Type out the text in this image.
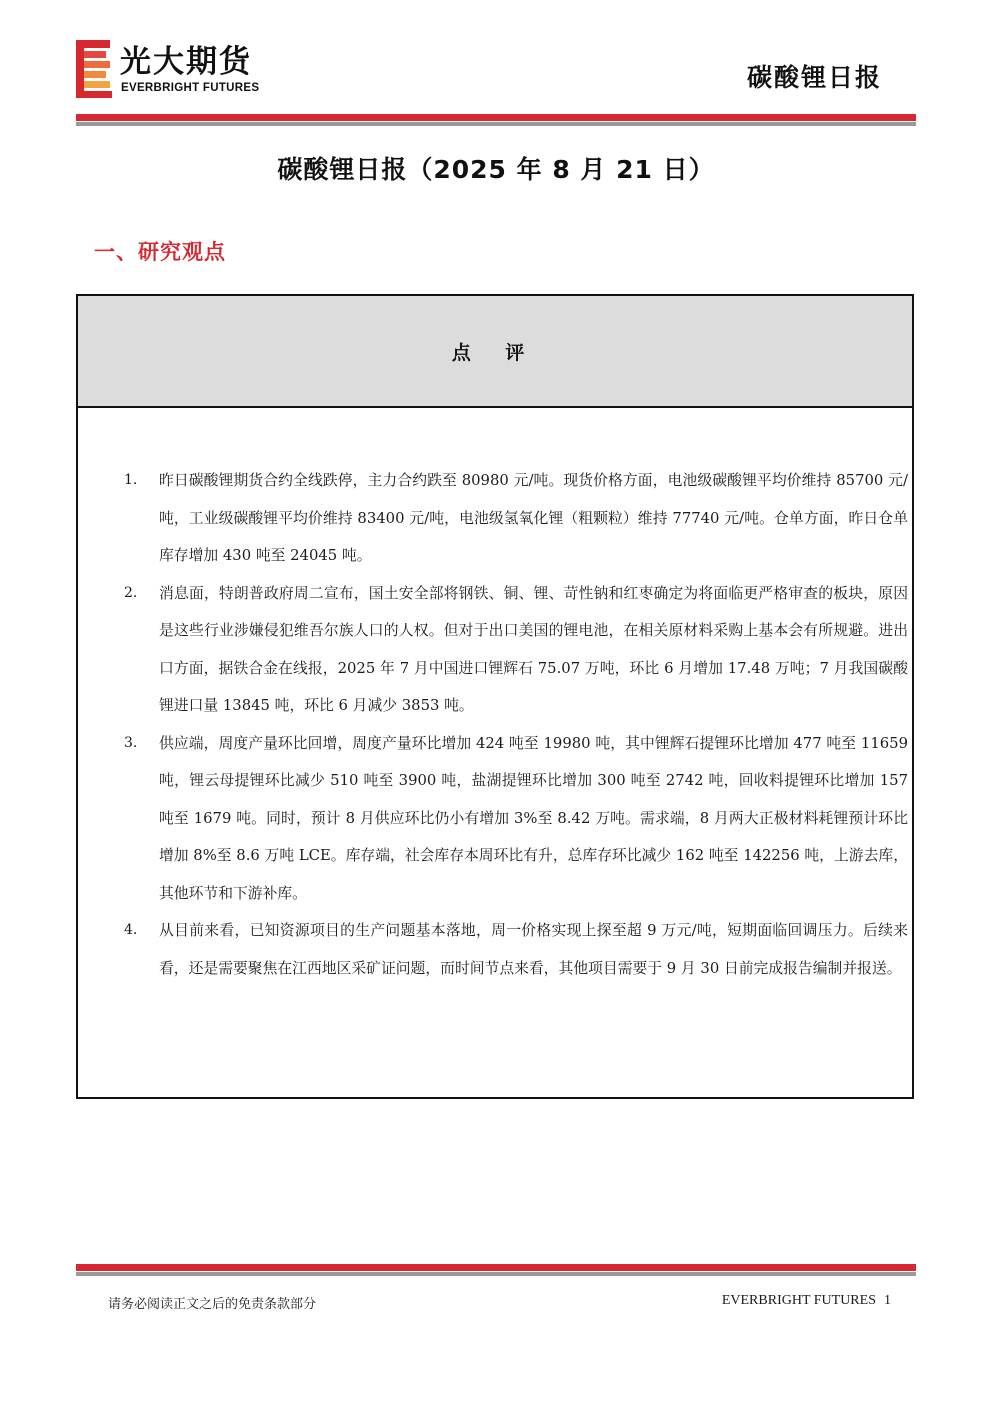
光大期货
EVERBRIGHT FUTURES	碳酸锂日报
碳酸锂日报（2025 年 8 月 21 日）
一、研究观点
点 评
1. 昨日碳酸锂期货合约全线跌停，主力合约跌至 80980 元/吨。现货价格方面，电池级碳酸锂平均价维持 85700 元/吨，工业级碳酸锂平均价维持 83400 元/吨，电池级氢氧化锂（粗颗粒）维持 77740 元/吨。仓单方面，昨日仓单库存增加 430 吨至 24045 吨。
2. 消息面，特朗普政府周二宣布，国土安全部将钢铁、铜、锂、苛性钠和红枣确定为将面临更严格审查的板块，原因是这些行业涉嫌侵犯维吾尔族人口的人权。但对于出口美国的锂电池，在相关原材料采购上基本会有所规避。进出口方面，据铁合金在线报，2025 年 7 月中国进口锂辉石 75.07 万吨，环比 6 月增加 17.48 万吨；7 月我国碳酸锂进口量 13845 吨，环比 6 月减少 3853 吨。
3. 供应端，周度产量环比回增，周度产量环比增加 424 吨至 19980 吨，其中锂辉石提锂环比增加 477 吨至 11659 吨，锂云母提锂环比减少 510 吨至 3900 吨，盐湖提锂环比增加 300 吨至 2742 吨，回收料提锂环比增加 157 吨至 1679 吨。同时，预计 8 月供应环比仍小有增加 3%至 8.42 万吨。需求端，8 月两大正极材料耗锂预计环比增加 8%至 8.6 万吨 LCE。库存端，社会库存本周环比有升，总库存环比减少 162 吨至 142256 吨，上游去库，其他环节和下游补库。
4. 从目前来看，已知资源项目的生产问题基本落地，周一价格实现上探至超 9 万元/吨，短期面临回调压力。后续来看，还是需要聚焦在江西地区采矿证问题，而时间节点来看，其他项目需要于 9 月 30 日前完成报告编制并报送。
请务必阅读正文之后的免责条款部分	EVERBRIGHT FUTURES 1
